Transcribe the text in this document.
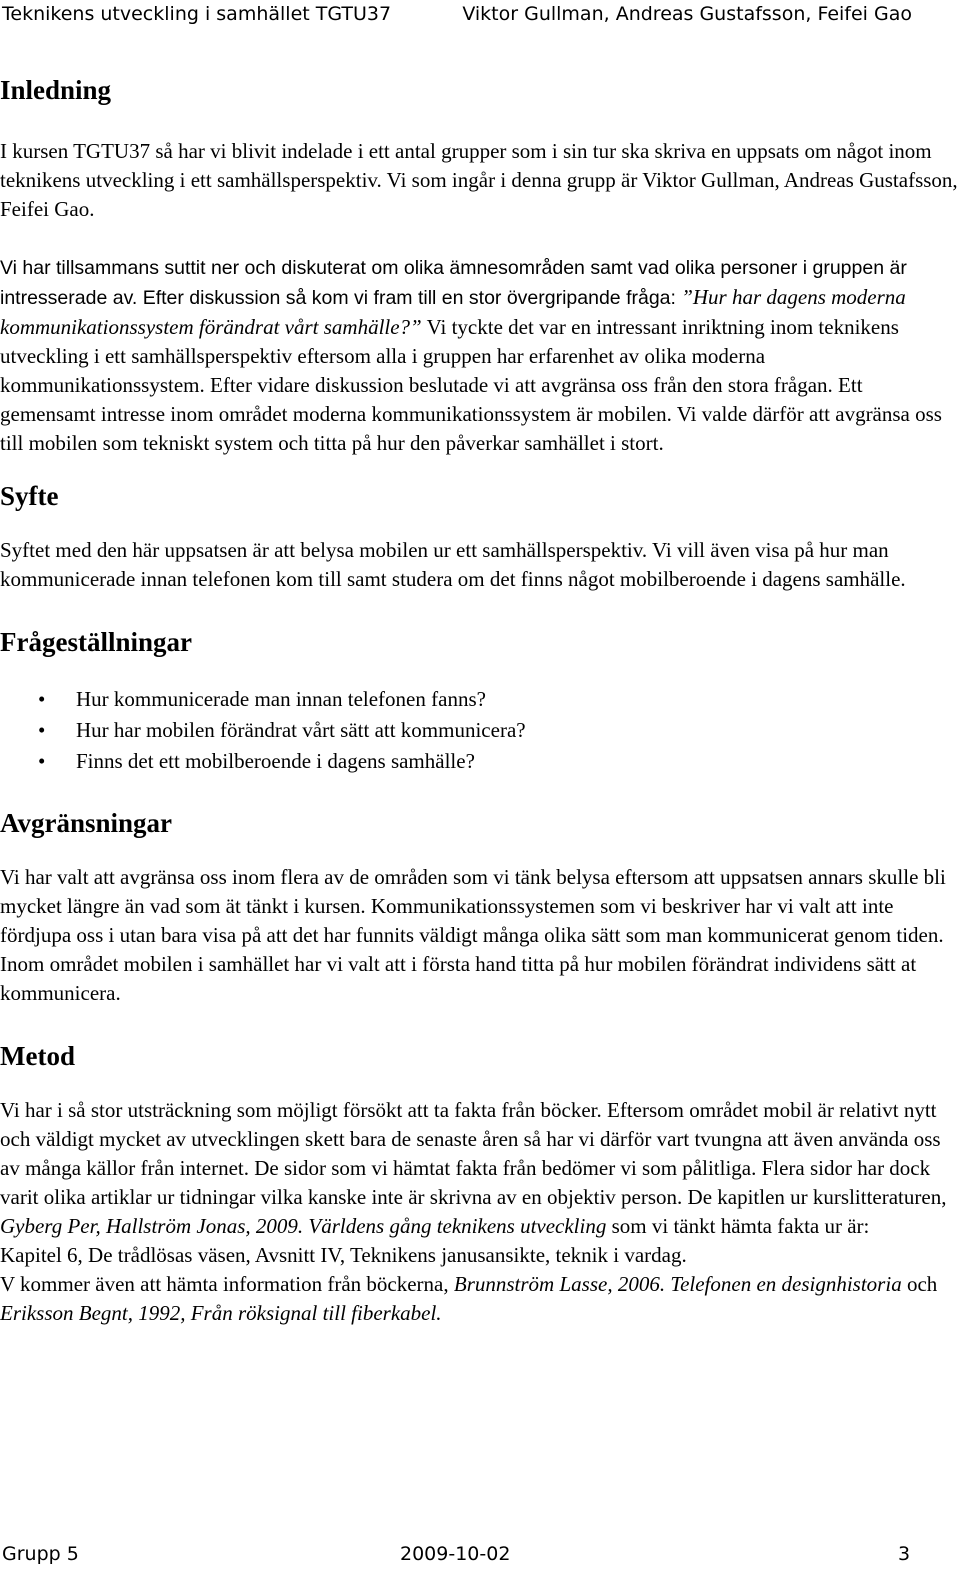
Teknikens utveckling i samhället TGTU37	Viktor Gullman, Andreas Gustafsson, Feifei Gao
Inledning

I kursen TGTU37 så har vi blivit indelade i ett antal grupper som i sin tur ska skriva en uppsats om något inom teknikens utveckling i ett samhällsperspektiv. Vi som ingår i denna grupp är Viktor Gullman, Andreas Gustafsson, Feifei Gao.

Vi har tillsammans suttit ner och diskuterat om olika ämnesområden samt vad olika personer i gruppen är intresserade av. Efter diskussion så kom vi fram till en stor övergripande fråga: ”Hur har dagens moderna kommunikationssystem förändrat vårt samhälle?” Vi tyckte det var en intressant inriktning inom teknikens utveckling i ett samhällsperspektiv eftersom alla i gruppen har erfarenhet av olika moderna kommunikationssystem. Efter vidare diskussion beslutade vi att avgränsa oss från den stora frågan. Ett gemensamt intresse inom området moderna kommunikationssystem är mobilen. Vi valde därför att avgränsa oss till mobilen som tekniskt system och titta på hur den påverkar samhället i stort.

Syfte

Syftet med den här uppsatsen är att belysa mobilen ur ett samhällsperspektiv. Vi vill även visa på hur man kommunicerade innan telefonen kom till samt studera om det finns något mobilberoende i dagens samhälle.

Frågeställningar
• Hur kommunicerade man innan telefonen fanns?
• Hur har mobilen förändrat vårt sätt att kommunicera?
• Finns det ett mobilberoende i dagens samhälle?
Avgränsningar

Vi har valt att avgränsa oss inom flera av de områden som vi tänk belysa eftersom att uppsatsen annars skulle bli mycket längre än vad som ät tänkt i kursen. Kommunikationssystemen som vi beskriver har vi valt att inte fördjupa oss i utan bara visa på att det har funnits väldigt många olika sätt som man kommunicerat genom tiden. Inom området mobilen i samhället har vi valt att i första hand titta på hur mobilen förändrat individens sätt at kommunicera.

Metod

Vi har i så stor utsträckning som möjligt försökt att ta fakta från böcker. Eftersom området mobil är relativt nytt och väldigt mycket av utvecklingen skett bara de senaste åren så har vi därför vart tvungna att även använda oss av många källor från internet. De sidor som vi hämtat fakta från bedömer vi som pålitliga. Flera sidor har dock varit olika artiklar ur tidningar vilka kanske inte är skrivna av en objektiv person. De kapitlen ur kurslitteraturen, Gyberg Per, Hallström Jonas, 2009. Världens gång teknikens utveckling som vi tänkt hämta fakta ur är:

Kapitel 6, De trådlösas väsen, Avsnitt IV, Teknikens janusansikte, teknik i vardag.

V kommer även att hämta information från böckerna, Brunnström Lasse, 2006. Telefonen en designhistoria och Eriksson Begnt, 1992, Från röksignal till fiberkabel.

Grupp 5	2009-10-02	3
